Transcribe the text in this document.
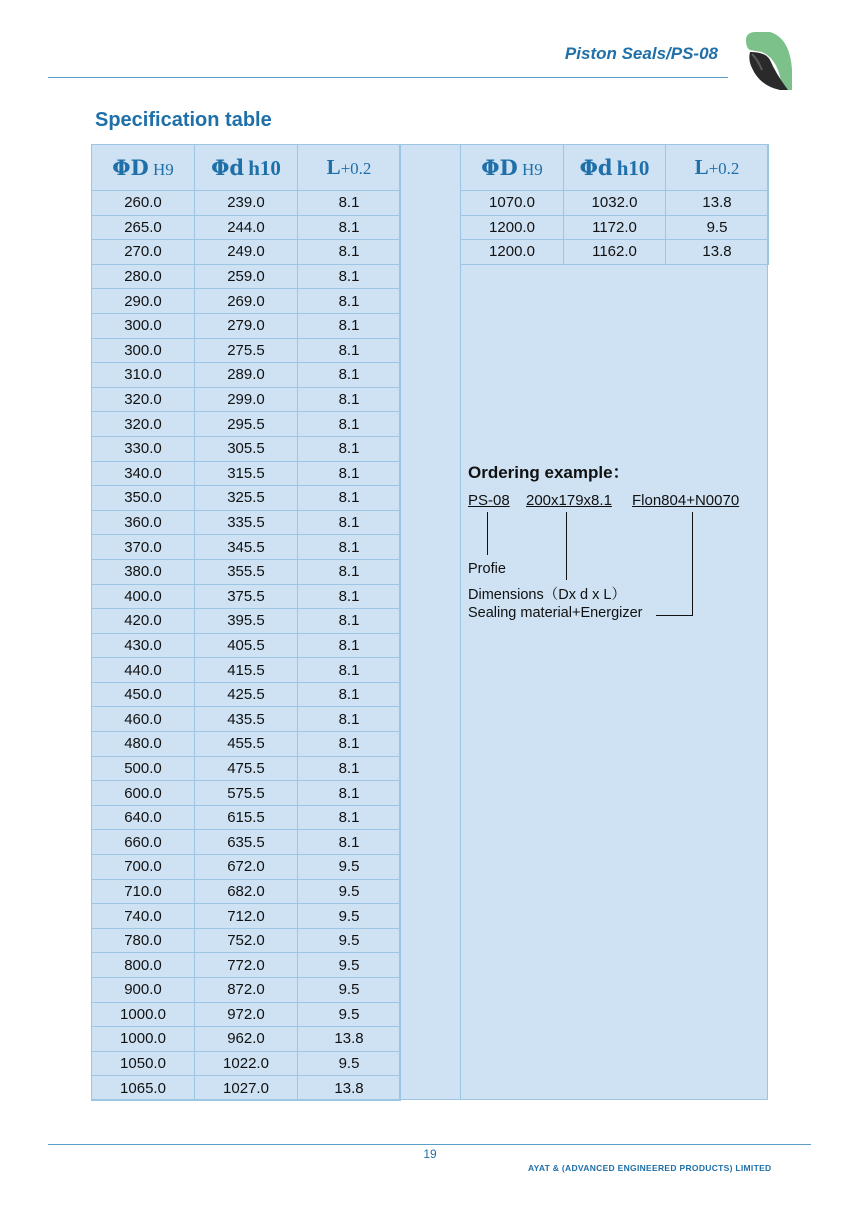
Piston Seals/PS-08
Specification table
ΦD H9	Φd h10	L+0.2
260.0	239.0	8.1
265.0	244.0	8.1
270.0	249.0	8.1
280.0	259.0	8.1
290.0	269.0	8.1
300.0	279.0	8.1
300.0	275.5	8.1
310.0	289.0	8.1
320.0	299.0	8.1
320.0	295.5	8.1
330.0	305.5	8.1
340.0	315.5	8.1
350.0	325.5	8.1
360.0	335.5	8.1
370.0	345.5	8.1
380.0	355.5	8.1
400.0	375.5	8.1
420.0	395.5	8.1
430.0	405.5	8.1
440.0	415.5	8.1
450.0	425.5	8.1
460.0	435.5	8.1
480.0	455.5	8.1
500.0	475.5	8.1
600.0	575.5	8.1
640.0	615.5	8.1
660.0	635.5	8.1
700.0	672.0	9.5
710.0	682.0	9.5
740.0	712.0	9.5
780.0	752.0	9.5
800.0	772.0	9.5
900.0	872.0	9.5
1000.0	972.0	9.5
1000.0	962.0	13.8
1050.0	1022.0	9.5
1065.0	1027.0	13.8
ΦD H9	Φd h10	L+0.2
1070.0	1032.0	13.8
1200.0	1172.0	9.5
1200.0	1162.0	13.8
Ordering example：
PS-08 200x179x8.1 Flon804+N0070
Profie
Dimensions（Dx d x L）
Sealing material+Energizer
19
AYAT & (ADVANCED ENGINEERED PRODUCTS) LIMITED
